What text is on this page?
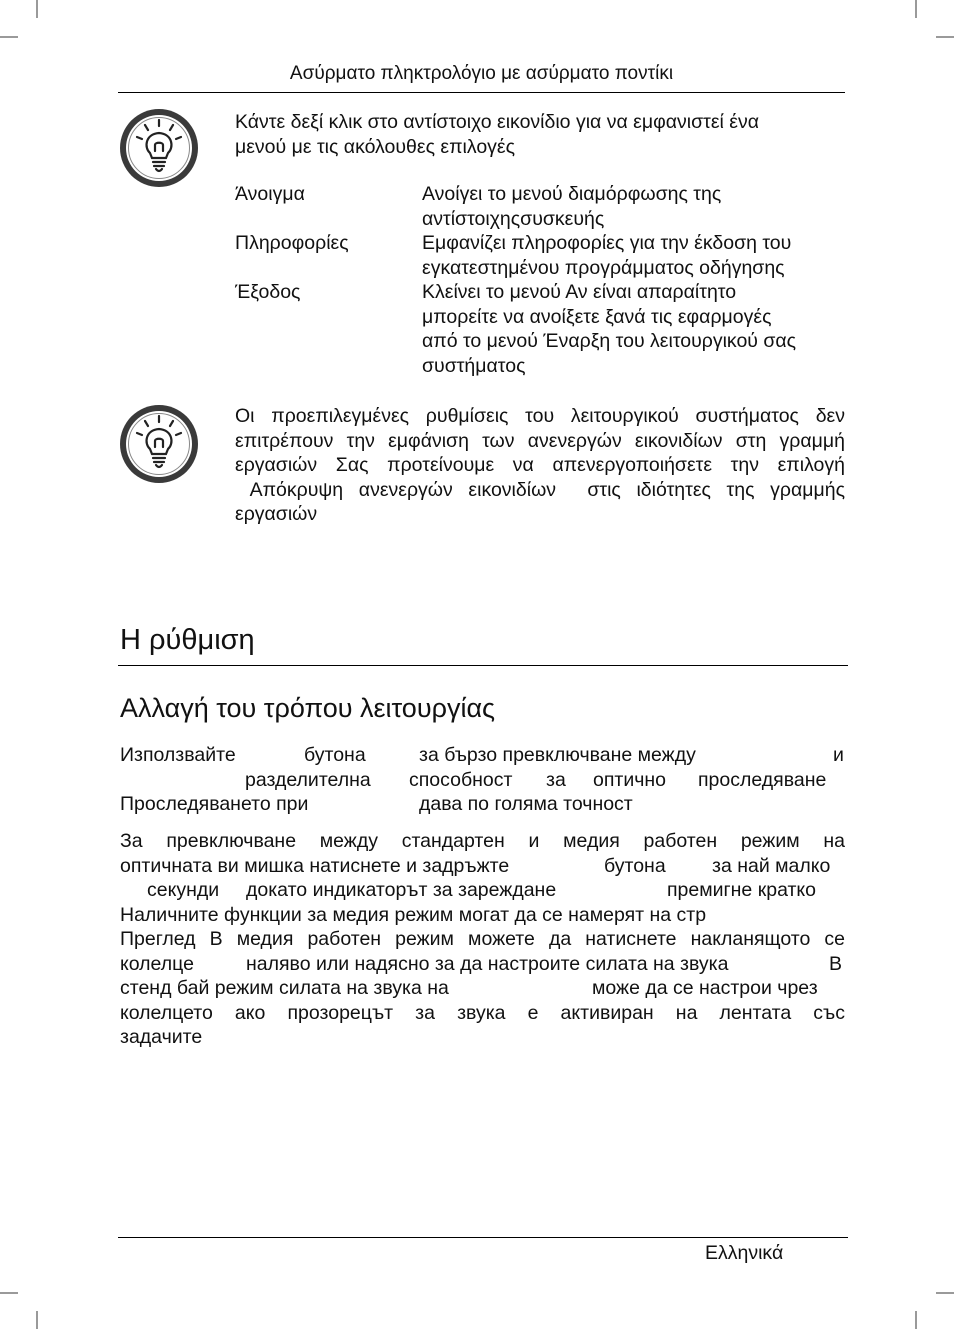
Ασύρματο πληκτρολόγιο με ασύρματο ποντίκι
Κάντε δεξί κλικ στο αντίστοιχο εικονίδιο για να εμφανιστεί ένα
μενού με τις ακόλουθες επιλογές
Άνοιγμα	Ανοίγει το μενού διαμόρφωσης της
αντίστοιχηςσυσκευής
Πληροφορίες	Εμφανίζει πληροφορίες για την έκδοση του
εγκατεστημένου προγράμματος οδήγησης
Έξοδος	Κλείνει το μενού Αν είναι απαραίτητο
μπορείτε να ανοίξετε ξανά τις εφαρμογές
από το μενού Έναρξη του λειτουργικού σας
συστήματος
Οι προεπιλεγμένες ρυθμίσεις του λειτουργικού συστήματος δεν
επιτρέπουν την εμφάνιση των ανενεργών εικονιδίων στη γραμμή
εργασιών Σας προτείνουμε να απενεργοποιήσετε την επιλογή
Απόκρυψη ανενεργών εικονιδίων  στις ιδιότητες της γραμμής
εργασιών
Η ρύθμιση
Αλλαγή του τρόπου λειτουργίας
Използвайте	бутона	за бързо превключване между	и
разделителна способност за оптично проследяване
Проследяването при	дава по голяма точност
За превключване между стандартен и медия работен режим на
оптичната ви мишка натиснете и задръжте	бутона за най малко
секунди докато индикаторът за зареждане	премигне кратко
Наличните функции за медия режим могат да се намерят на стр
Преглед В медия работен режим можете да натиснете накланящото се
колелце	наляво или надясно за да настроите силата на звука	В
стенд бай режим силата на звука на	може да се настрои чрез
колелцето ако прозорецът за звука е активиран на лентата със
задачите
Ελληνικά
